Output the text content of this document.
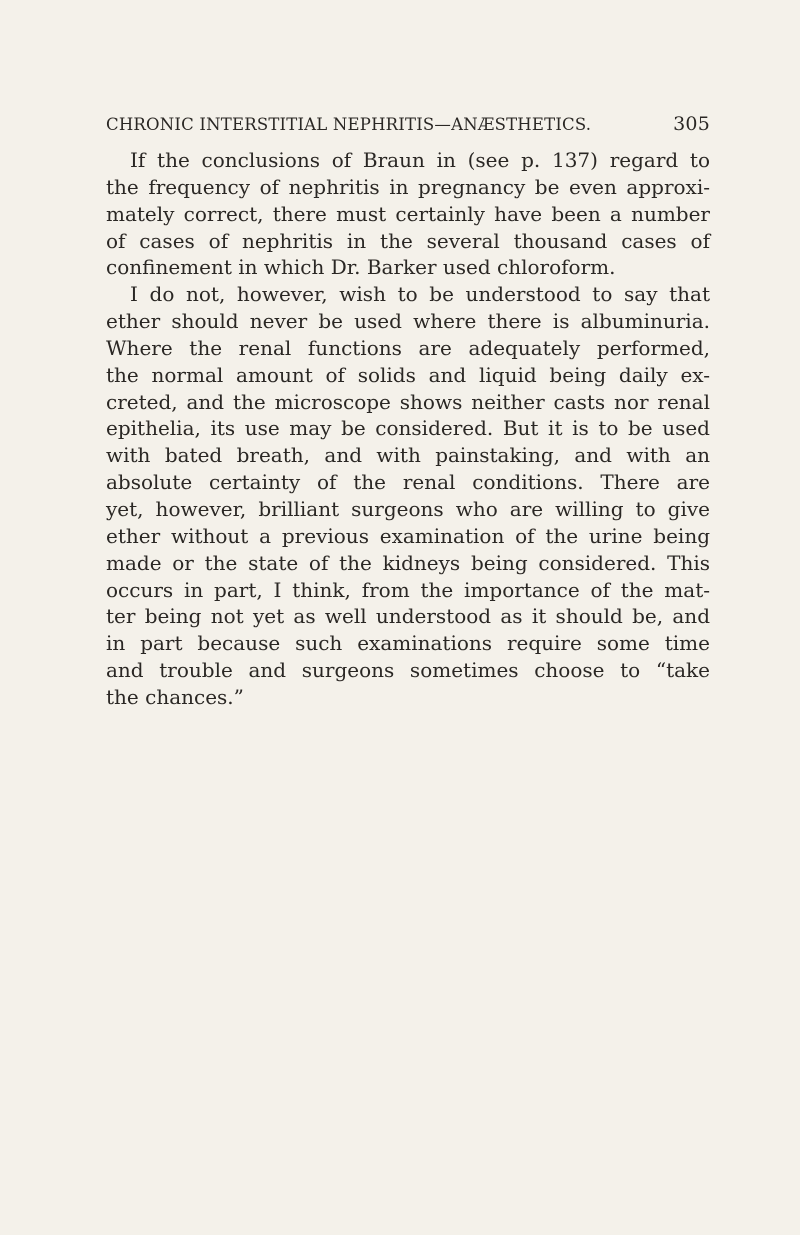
CHRONIC INTERSTITIAL NEPHRITIS—ANÆSTHETICS.	305
If the conclusions of Braun in (see p. 137) regard to
the frequency of nephritis in pregnancy be even approxi-
mately correct, there must certainly have been a number
of cases of nephritis in the several thousand cases of
confinement in which Dr. Barker used chloroform.
I do not, however, wish to be understood to say that
ether should never be used where there is albuminuria.
Where the renal functions are adequately performed,
the normal amount of solids and liquid being daily ex-
creted, and the microscope shows neither casts nor renal
epithelia, its use may be considered. But it is to be used
with bated breath, and with painstaking, and with an
absolute certainty of the renal conditions. There are
yet, however, brilliant surgeons who are willing to give
ether without a previous examination of the urine being
made or the state of the kidneys being considered. This
occurs in part, I think, from the importance of the mat-
ter being not yet as well understood as it should be, and
in part because such examinations require some time
and trouble and surgeons sometimes choose to “take
the chances.”
